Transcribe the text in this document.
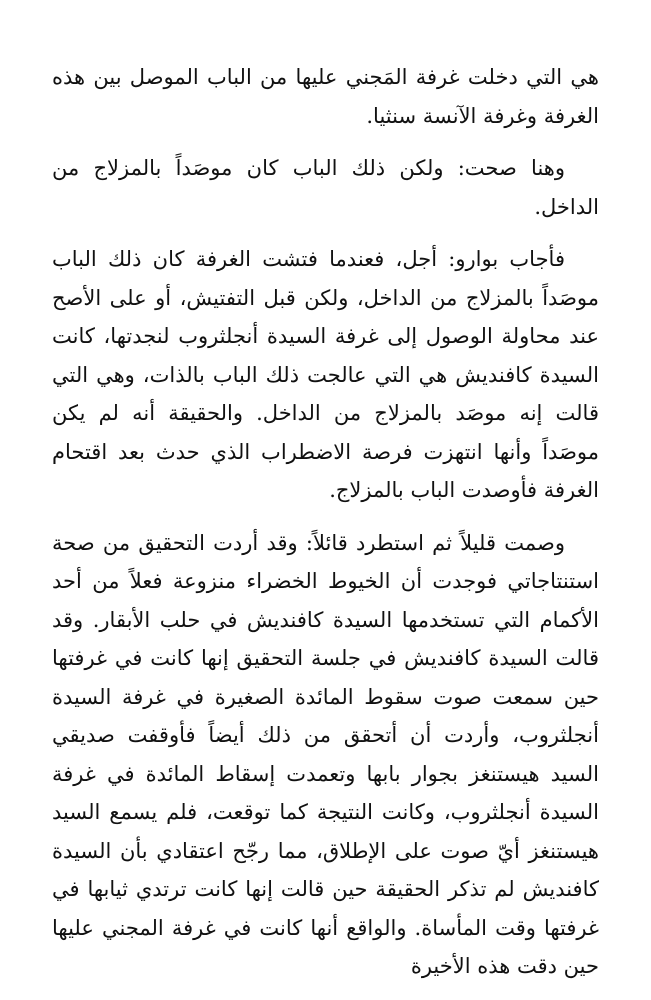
هي التي دخلت غرفة المَجني عليها من الباب الموصل بين هذه الغرفة وغرفة الآنسة سنثيا.

وهنا صحت: ولكن ذلك الباب كان موصَداً بالمزلاج من الداخل.

فأجاب بوارو: أجل، فعندما فتشت الغرفة كان ذلك الباب موصَداً بالمزلاج من الداخل، ولكن قبل التفتيش، أو على الأصح عند محاولة الوصول إلى غرفة السيدة أنجلثروب لنجدتها، كانت السيدة كافنديش هي التي عالجت ذلك الباب بالذات، وهي التي قالت إنه موصَد بالمزلاج من الداخل. والحقيقة أنه لم يكن موصَداً وأنها انتهزت فرصة الاضطراب الذي حدث بعد اقتحام الغرفة فأوصدت الباب بالمزلاج.

وصمت قليلاً ثم استطرد قائلاً: وقد أردت التحقيق من صحة استنتاجاتي فوجدت أن الخيوط الخضراء منزوعة فعلاً من أحد الأكمام التي تستخدمها السيدة كافنديش في حلب الأبقار. وقد قالت السيدة كافنديش في جلسة التحقيق إنها كانت في غرفتها حين سمعت صوت سقوط المائدة الصغيرة في غرفة السيدة أنجلثروب، وأردت أن أتحقق من ذلك أيضاً فأوقفت صديقي السيد هيستنغز بجوار بابها وتعمدت إسقاط المائدة في غرفة السيدة أنجلثروب، وكانت النتيجة كما توقعت، فلم يسمع السيد هيستنغز أيّ صوت على الإطلاق، مما رجّح اعتقادي بأن السيدة كافنديش لم تذكر الحقيقة حين قالت إنها كانت ترتدي ثيابها في غرفتها وقت المأساة. والواقع أنها كانت في غرفة المجني عليها حين دقت هذه الأخيرة
